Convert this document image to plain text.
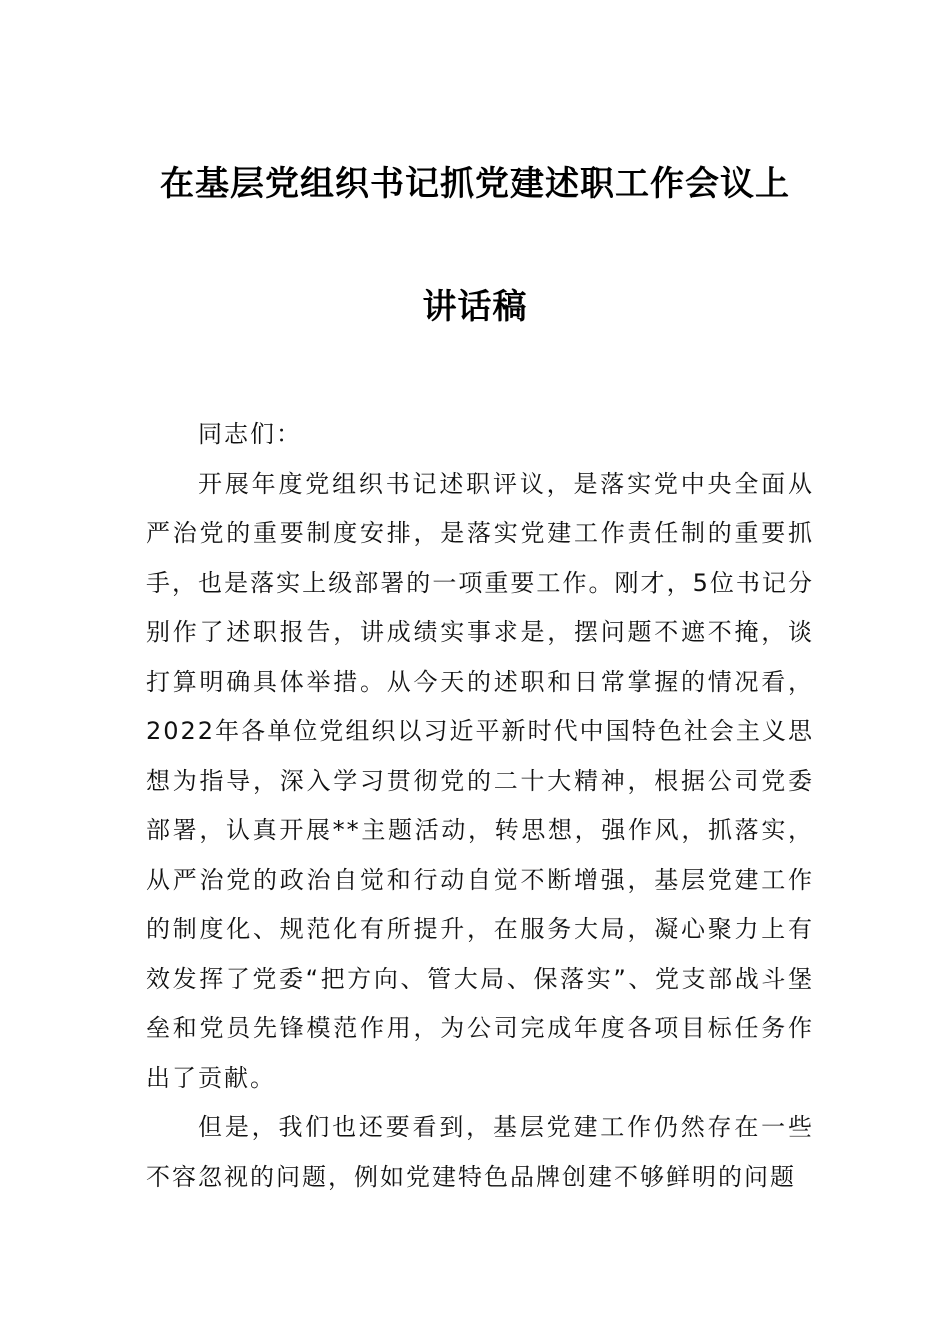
在基层党组织书记抓党建述职工作会议上
讲话稿

同志们：

开展年度党组织书记述职评议，是落实党中央全面从严治党的重要制度安排，是落实党建工作责任制的重要抓手，也是落实上级部署的一项重要工作。刚才，5位书记分别作了述职报告，讲成绩实事求是，摆问题不遮不掩，谈打算明确具体举措。从今天的述职和日常掌握的情况看，2022年各单位党组织以习近平新时代中国特色社会主义思想为指导，深入学习贯彻党的二十大精神，根据公司党委部署，认真开展**主题活动，转思想，强作风，抓落实，从严治党的政治自觉和行动自觉不断增强，基层党建工作的制度化、规范化有所提升，在服务大局，凝心聚力上有效发挥了党委“把方向、管大局、保落实”、党支部战斗堡垒和党员先锋模范作用，为公司完成年度各项目标任务作出了贡献。

但是，我们也还要看到，基层党建工作仍然存在一些不容忽视的问题，例如党建特色品牌创建不够鲜明的问题
